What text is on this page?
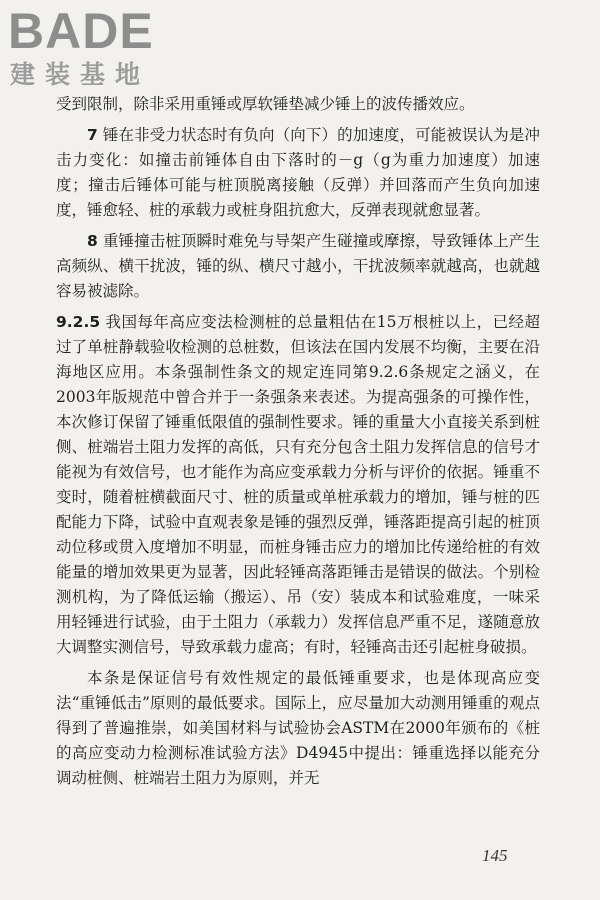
BADE
建装基地

受到限制，除非采用重锤或厚软锤垫减少锤上的波传播效应。

7 锤在非受力状态时有负向（向下）的加速度，可能被误认为是冲击力变化：如撞击前锤体自由下落时的－g（g为重力加速度）加速度；撞击后锤体可能与桩顶脱离接触（反弹）并回落而产生负向加速度，锤愈轻、桩的承载力或桩身阻抗愈大，反弹表现就愈显著。

8 重锤撞击桩顶瞬时难免与导架产生碰撞或摩擦，导致锤体上产生高频纵、横干扰波，锤的纵、横尺寸越小，干扰波频率就越高，也就越容易被滤除。

9.2.5 我国每年高应变法检测桩的总量粗估在15万根桩以上，已经超过了单桩静载验收检测的总桩数，但该法在国内发展不均衡，主要在沿海地区应用。本条强制性条文的规定连同第9.2.6条规定之涵义，在2003年版规范中曾合并于一条强条来表述。为提高强条的可操作性，本次修订保留了锤重低限值的强制性要求。锤的重量大小直接关系到桩侧、桩端岩土阻力发挥的高低，只有充分包含土阻力发挥信息的信号才能视为有效信号，也才能作为高应变承载力分析与评价的依据。锤重不变时，随着桩横截面尺寸、桩的质量或单桩承载力的增加，锤与桩的匹配能力下降，试验中直观表象是锤的强烈反弹，锤落距提高引起的桩顶动位移或贯入度增加不明显，而桩身锤击应力的增加比传递给桩的有效能量的增加效果更为显著，因此轻锤高落距锤击是错误的做法。个别检测机构，为了降低运输（搬运）、吊（安）装成本和试验难度，一味采用轻锤进行试验，由于土阻力（承载力）发挥信息严重不足，遂随意放大调整实测信号，导致承载力虚高；有时，轻锤高击还引起桩身破损。

本条是保证信号有效性规定的最低锤重要求，也是体现高应变法“重锤低击”原则的最低要求。国际上，应尽量加大动测用锤重的观点得到了普遍推崇，如美国材料与试验协会ASTM在2000年颁布的《桩的高应变动力检测标准试验方法》D4945中提出：锤重选择以能充分调动桩侧、桩端岩土阻力为原则，并无

145
